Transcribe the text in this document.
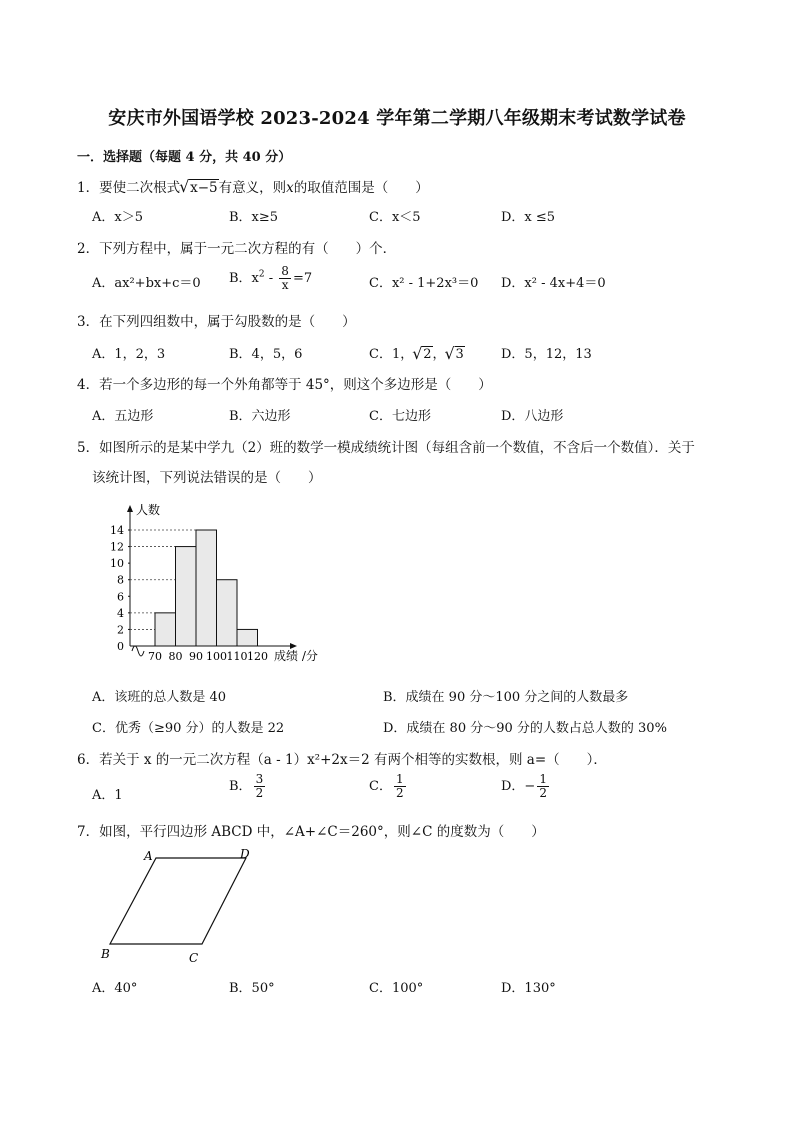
安庆市外国语学校 2023-2024 学年第二学期八年级期末考试数学试卷
一．选择题（每题 4 分，共 40 分）
1．要使二次根式 √ x−5有意义，则x的取值范围是（　　）
A．x＞5	B．x≥5	C．x＜5	D．x ≤5
2．下列方程中，属于一元二次方程的有（　　）个．
A．ax²+bx+c＝0 B．$x^2 - \frac{8}{x} =7$	C．x² - 1+2x³＝0 D．x² - 4x+4＝0
3．在下列四组数中，属于勾股数的是（　　）
A．1，2，3	B．4，5，6	C．1， √ 2， √ 3	D．5，12，13
4．若一个多边形的每一个外角都等于 45°，则这个多边形是（　　）
A．五边形	B．六边形	C．七边形	D．八边形
5．如图所示的是某中学九（2）班的数学一模成绩统计图（每组含前一个数值，不含后一个数值）．关于
该统计图，下列说法错误的是（　　）
人数
成绩 /分
0
2
4
6
8
10
12
14
70 80 90 100 110 120
A．该班的总人数是 40	B．成绩在 90 分～100 分之间的人数最多
C．优秀（≥90 分）的人数是 22	D．成绩在 80 分～90 分的人数占总人数的 30%
6．若关于 x 的一元二次方程（a - 1）x²+2x＝2 有两个相等的实数根，则 a=（　　）．
A．1
B． $\frac{3}{2}$	C． $\frac{1}{2}$	D．− $\frac{1}{2}$
7．如图，平行四边形 ABCD 中，∠A+∠C＝260°，则∠C 的度数为（　　）
A	D
B	C
A．40°	B．50°	C．100°	D．130°
